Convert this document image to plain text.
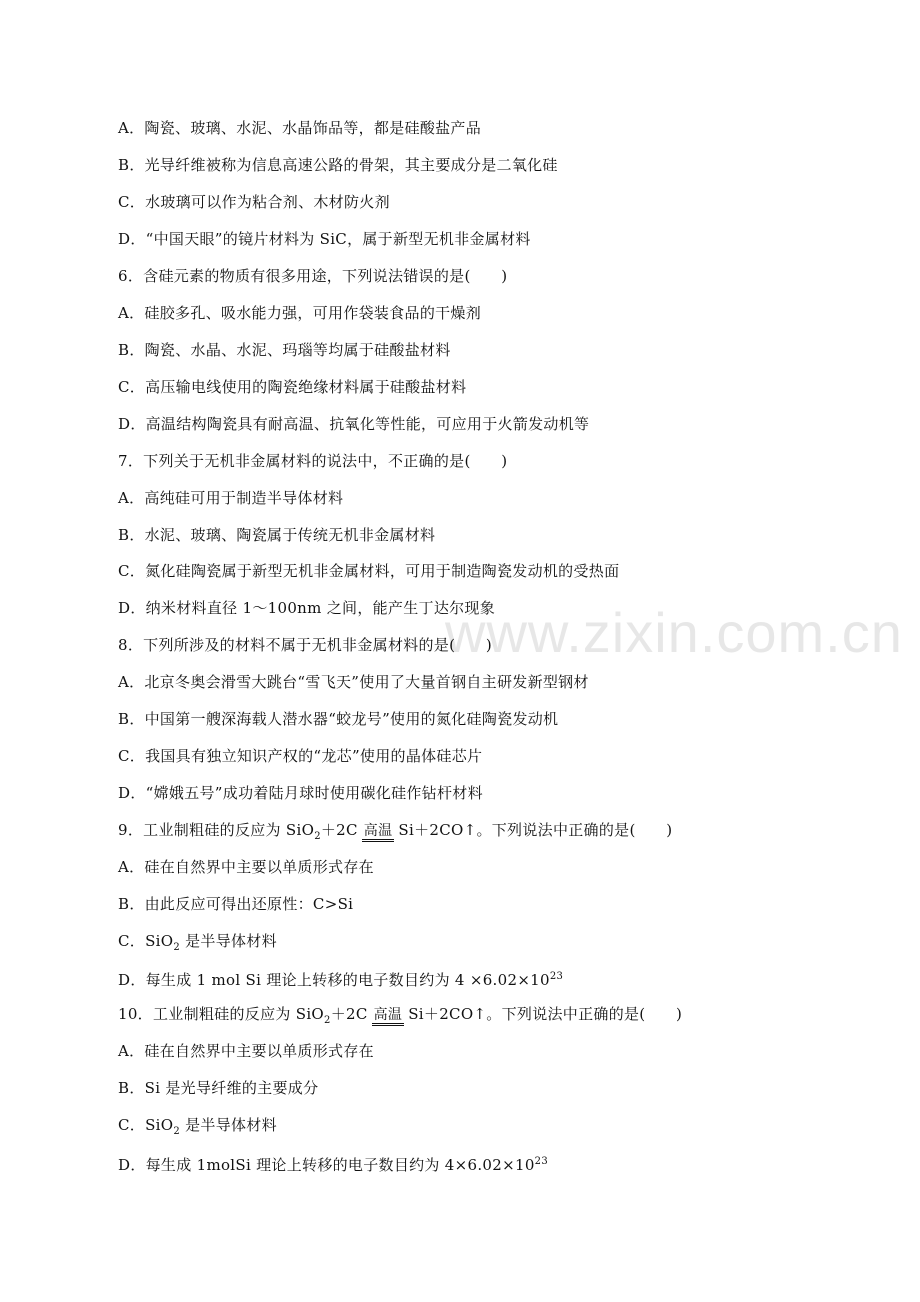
www.zixin.com.cn
A．陶瓷、玻璃、水泥、水晶饰品等，都是硅酸盐产品
B．光导纤维被称为信息高速公路的骨架，其主要成分是二氧化硅
C．水玻璃可以作为粘合剂、木材防火剂
D．“中国天眼”的镜片材料为 SiC，属于新型无机非金属材料
6．含硅元素的物质有很多用途，下列说法错误的是(　　)
A．硅胶多孔、吸水能力强，可用作袋装食品的干燥剂
B．陶瓷、水晶、水泥、玛瑙等均属于硅酸盐材料
C．高压输电线使用的陶瓷绝缘材料属于硅酸盐材料
D．高温结构陶瓷具有耐高温、抗氧化等性能，可应用于火箭发动机等
7．下列关于无机非金属材料的说法中，不正确的是(　　)
A．高纯硅可用于制造半导体材料
B．水泥、玻璃、陶瓷属于传统无机非金属材料
C．氮化硅陶瓷属于新型无机非金属材料，可用于制造陶瓷发动机的受热面
D．纳米材料直径 1～100nm 之间，能产生丁达尔现象
8．下列所涉及的材料不属于无机非金属材料的是(　　)
A．北京冬奥会滑雪大跳台“雪飞天”使用了大量首钢自主研发新型钢材
B．中国第一艘深海载人潜水器“蛟龙号”使用的氮化硅陶瓷发动机
C．我国具有独立知识产权的“龙芯”使用的晶体硅芯片
D．“嫦娥五号”成功着陆月球时使用碳化硅作钻杆材料
9．工业制粗硅的反应为 SiO$_2$＋2C 高温 Si＋2CO↑。下列说法中正确的是(　　)
A．硅在自然界中主要以单质形式存在
B．由此反应可得出还原性：C>Si
C．SiO$_2$ 是半导体材料
D．每生成 1 mol Si 理论上转移的电子数目约为 $4 \times 6.02\times 10^{23}$
10．工业制粗硅的反应为 SiO$_2$＋2C 高温 Si＋2CO↑。下列说法中正确的是(　　)
A．硅在自然界中主要以单质形式存在
B．Si 是光导纤维的主要成分
C．SiO$_2$ 是半导体材料
D．每生成 1molSi 理论上转移的电子数目约为 $4\times 6.02\times 10^{23}$
